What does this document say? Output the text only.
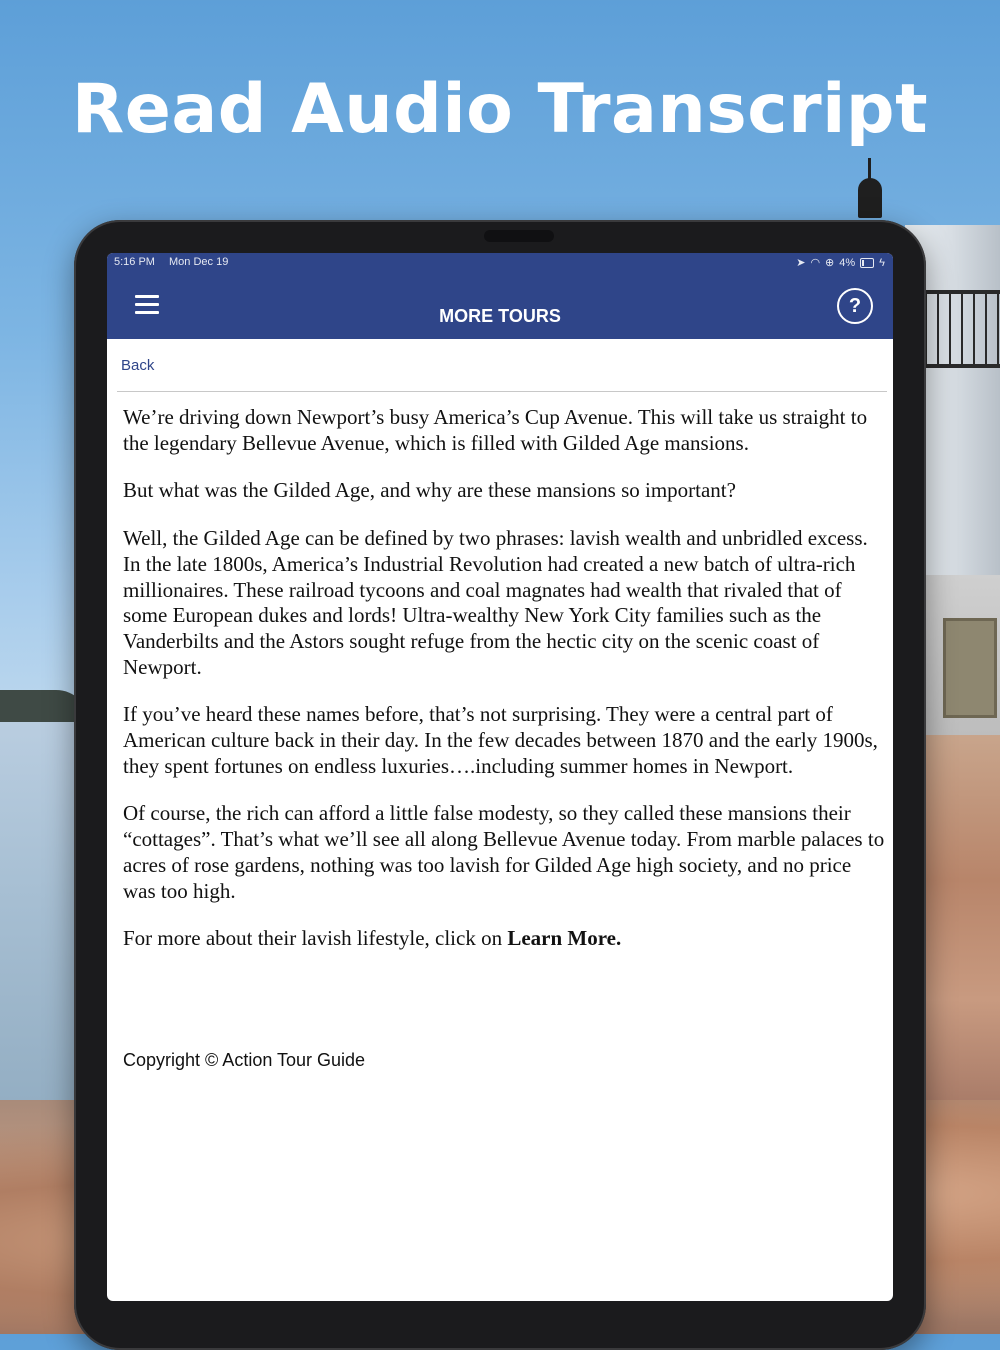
Read Audio Transcript
5:16 PM Mon Dec 19	➤ ◠ ⊕ 4% ϟ
MORE TOURS	?
Back

We’re driving down Newport’s busy America’s Cup Avenue. This will take us straight to the legendary Bellevue Avenue, which is filled with Gilded Age mansions.

But what was the Gilded Age, and why are these mansions so important?

Well, the Gilded Age can be defined by two phrases: lavish wealth and unbridled excess. In the late 1800s, America’s Industrial Revolution had created a new batch of ultra-rich millionaires. These railroad tycoons and coal magnates had wealth that rivaled that of some European dukes and lords! Ultra-wealthy New York City families such as the Vanderbilts and the Astors sought refuge from the hectic city on the scenic coast of Newport.

If you’ve heard these names before, that’s not surprising. They were a central part of American culture back in their day. In the few decades between 1870 and the early 1900s, they spent fortunes on endless luxuries….including summer homes in Newport.

Of course, the rich can afford a little false modesty, so they called these mansions their “cottages”. That’s what we’ll see all along Bellevue Avenue today. From marble palaces to acres of rose gardens, nothing was too lavish for Gilded Age high society, and no price was too high.

For more about their lavish lifestyle, click on Learn More.

Copyright © Action Tour Guide
